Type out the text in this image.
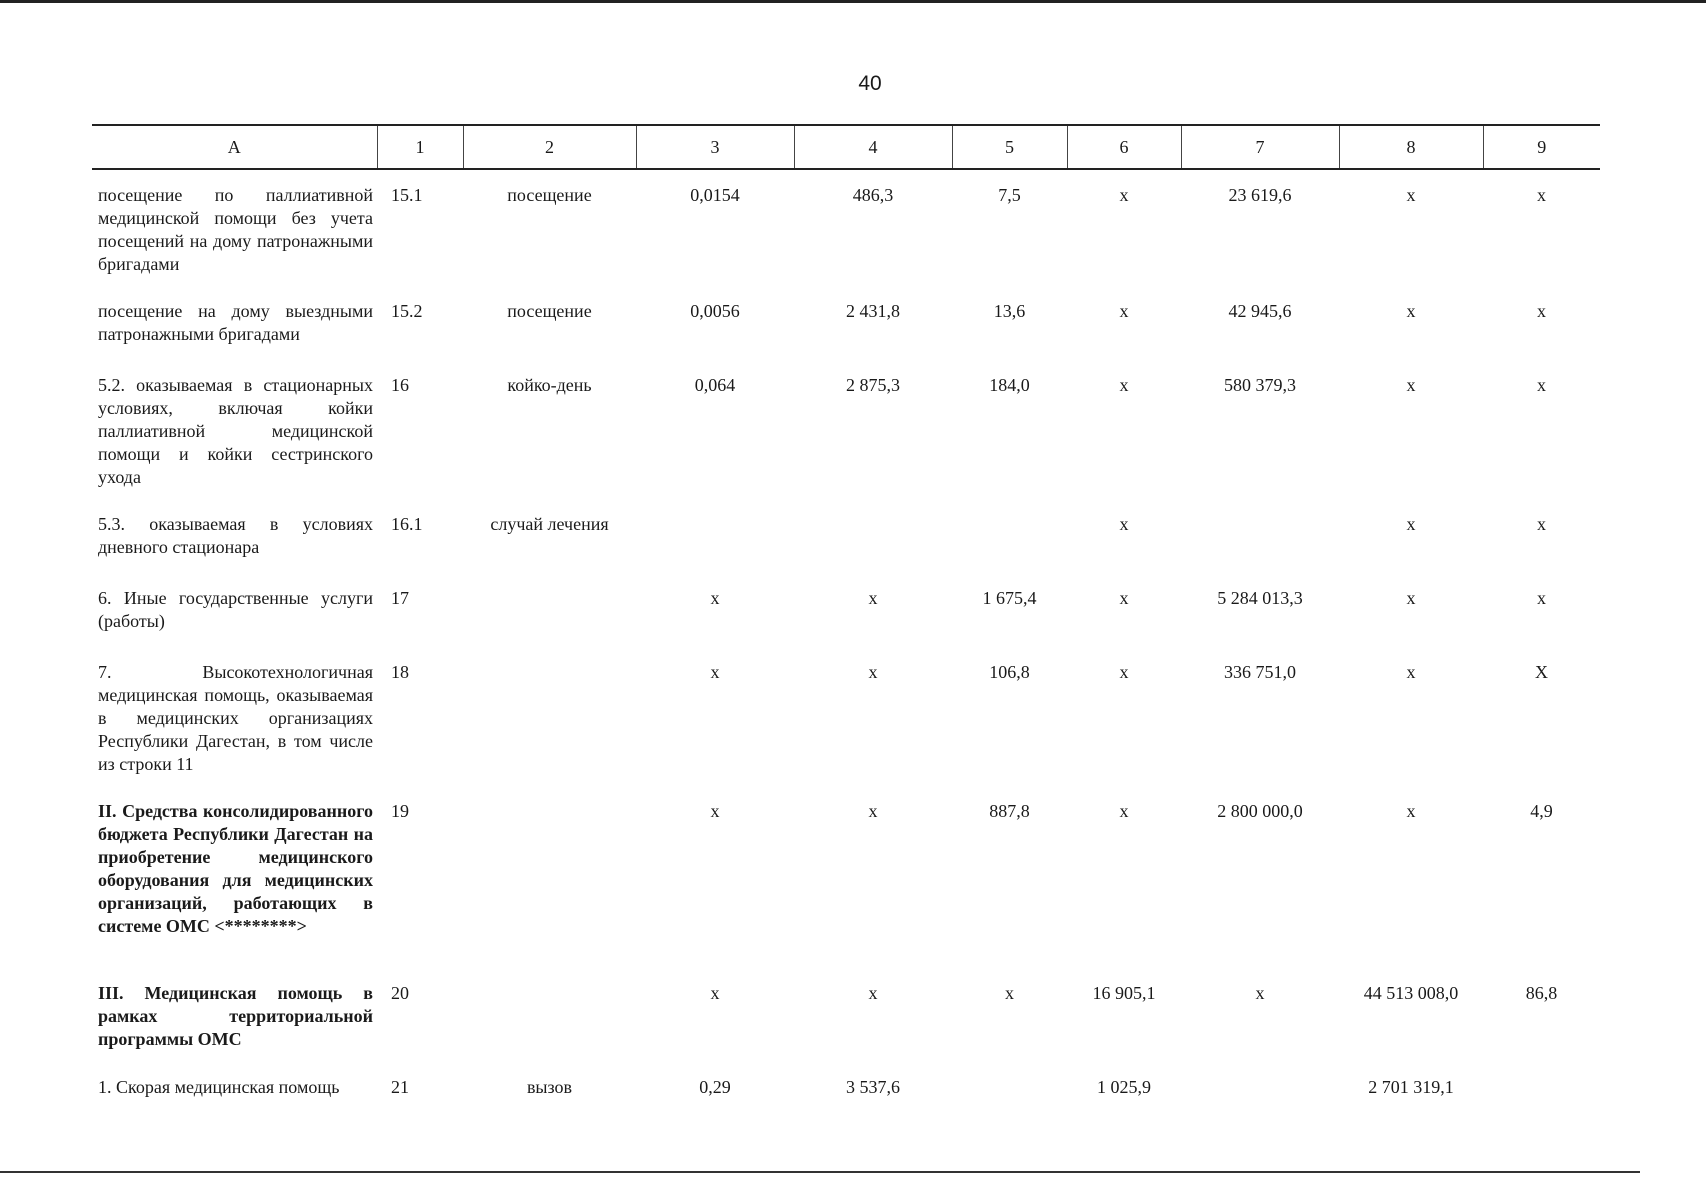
40
А	1	2	3	4	5	6	7	8	9
посещение по паллиативной медицинской помощи без учета посещений на дому патронажными бригадами	15.1	посещение	0,0154	486,3	7,5	х	23 619,6	х	х
посещение на дому выездными патронажными бригадами	15.2	посещение	0,0056	2 431,8	13,6	х	42 945,6	х	х
5.2. оказываемая в стационарных условиях, включая койки паллиативной медицинской помощи и койки сестринского ухода	16	койко-день	0,064	2 875,3	184,0	х	580 379,3	х	х
5.3. оказываемая в условиях дневного стационара	16.1	случай лечения				х		х	х
6. Иные государственные услуги (работы)	17		х	х	1 675,4	х	5 284 013,3	х	х
7. Высокотехнологичная медицинская помощь, оказываемая в медицинских организациях Республики Дагестан, в том числе из строки 11	18		х	х	106,8	х	336 751,0	х	Х
II. Средства консолидированного бюджета Республики Дагестан на приобретение медицинского оборудования для медицинских организаций, работающих в системе ОМС <********>	19		х	х	887,8	х	2 800 000,0	х	4,9
III. Медицинская помощь в рамках территориальной программы ОМС	20		х	х	х	16 905,1	х	44 513 008,0	86,8
1. Скорая медицинская помощь	21	вызов	0,29	3 537,6		1 025,9		2 701 319,1	
